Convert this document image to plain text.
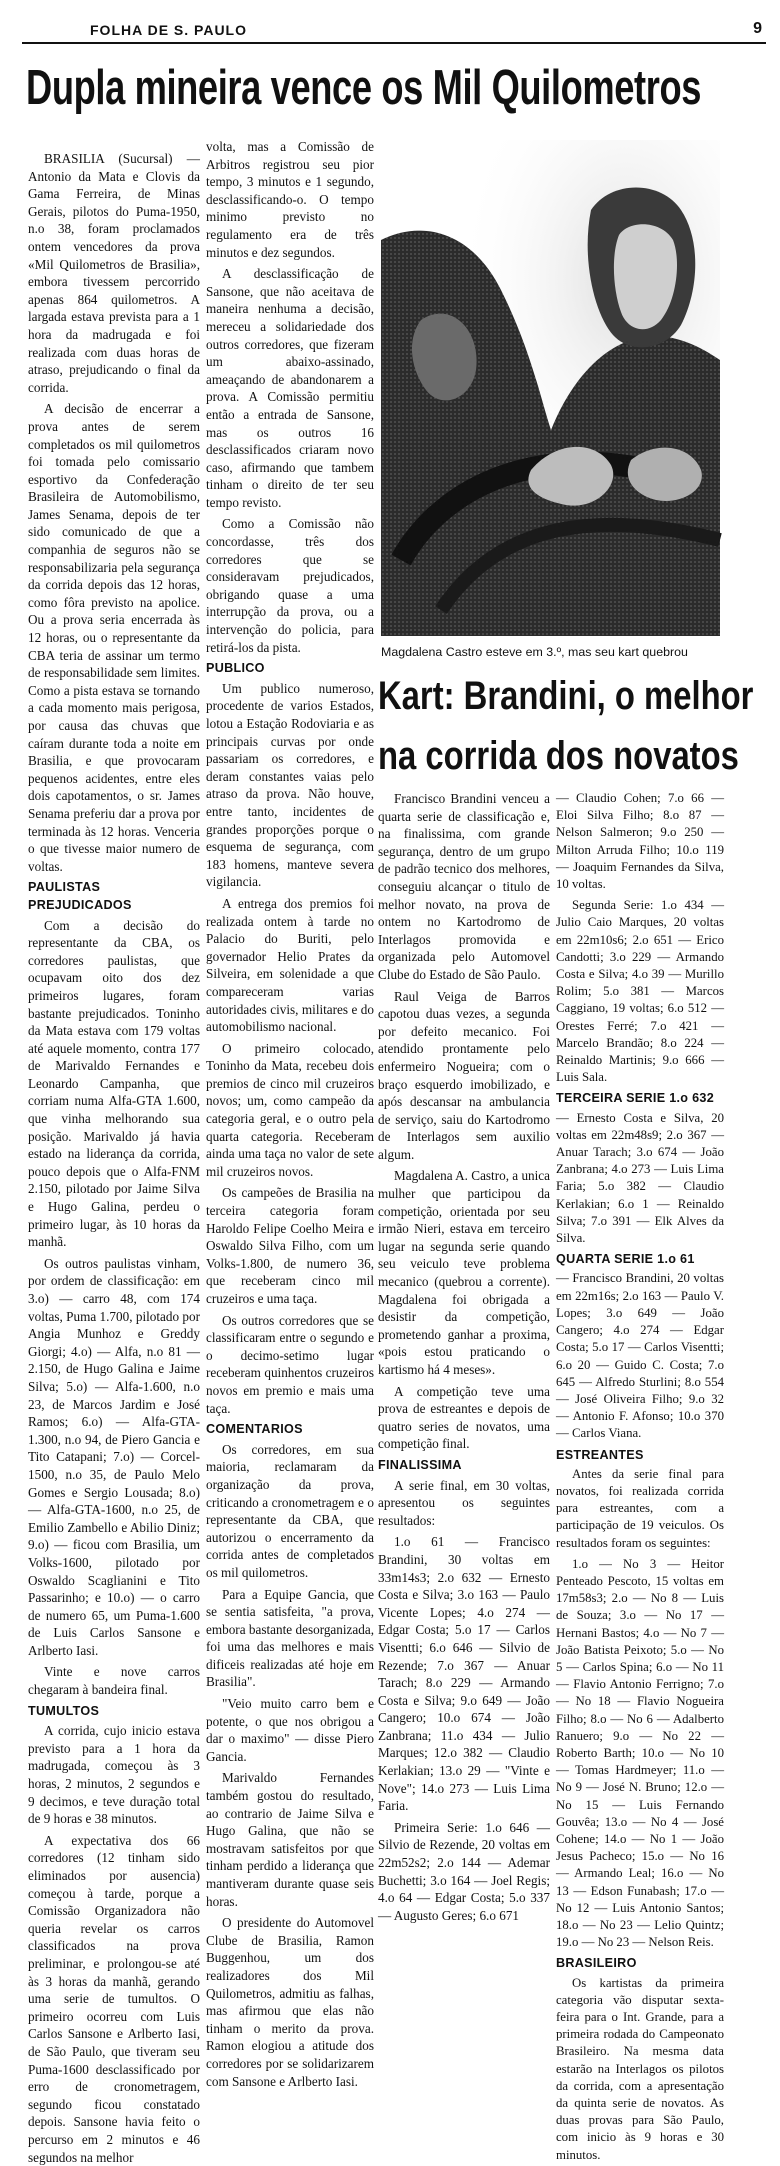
FOLHA DE S. PAULO	9
Dupla mineira vence os Mil Quilometros

BRASILIA (Sucursal) — Antonio da Mata e Clovis da Gama Ferreira, de Minas Gerais, pilotos do Puma-1950, n.o 38, foram proclamados ontem vencedores da prova «Mil Quilometros de Brasilia», embora tivessem percorrido apenas 864 quilometros. A largada estava prevista para a 1 hora da madrugada e foi realizada com duas horas de atraso, prejudicando o final da corrida.

A decisão de encerrar a prova antes de serem completados os mil quilometros foi tomada pelo comissario esportivo da Confederação Brasileira de Automobilismo, James Senama, depois de ter sido comunicado de que a companhia de seguros não se responsabilizaria pela segurança da corrida depois das 12 horas, como fôra previsto na apolice. Ou a prova seria encerrada às 12 horas, ou o representante da CBA teria de assinar um termo de responsabilidade sem limites. Como a pista estava se tornando a cada momento mais perigosa, por causa das chuvas que caíram durante toda a noite em Brasilia, e que provocaram pequenos acidentes, entre eles dois capotamentos, o sr. James Senama preferiu dar a prova por terminada às 12 horas. Venceria o que tivesse maior numero de voltas.

PAULISTAS PREJUDICADOS

Com a decisão do representante da CBA, os corredores paulistas, que ocupavam oito dos dez primeiros lugares, foram bastante prejudicados. Toninho da Mata estava com 179 voltas até aquele momento, contra 177 de Marivaldo Fernandes e Leonardo Campanha, que corriam numa Alfa-GTA 1.600, que vinha melhorando sua posição. Marivaldo já havia estado na liderança da corrida, pouco depois que o Alfa-FNM 2.150, pilotado por Jaime Silva e Hugo Galina, perdeu o primeiro lugar, às 10 horas da manhã.

Os outros paulistas vinham, por ordem de classificação: em 3.o) — carro 48, com 174 voltas, Puma 1.700, pilotado por Angia Munhoz e Greddy Giorgi; 4.o) — Alfa, n.o 81 — 2.150, de Hugo Galina e Jaime Silva; 5.o) — Alfa-1.600, n.o 23, de Marcos Jardim e José Ramos; 6.o) — Alfa-GTA-1.300, n.o 94, de Piero Gancia e Tito Catapani; 7.o) — Corcel-1500, n.o 35, de Paulo Melo Gomes e Sergio Lousada; 8.o) — Alfa-GTA-1600, n.o 25, de Emilio Zambello e Abilio Diniz; 9.o) — ficou com Brasilia, um Volks-1600, pilotado por Oswaldo Scaglianini e Tito Passarinho; e 10.o) — o carro de numero 65, um Puma-1.600 de Luis Carlos Sansone e Arlberto Iasi.

Vinte e nove carros chegaram à bandeira final.

TUMULTOS

A corrida, cujo inicio estava previsto para a 1 hora da madrugada, começou às 3 horas, 2 minutos, 2 segundos e 9 decimos, e teve duração total de 9 horas e 38 minutos.

A expectativa dos 66 corredores (12 tinham sido eliminados por ausencia) começou à tarde, porque a Comissão Organizadora não queria revelar os carros classificados na prova preliminar, e prolongou-se até às 3 horas da manhã, gerando uma serie de tumultos. O primeiro ocorreu com Luis Carlos Sansone e Arlberto Iasi, de São Paulo, que tiveram seu Puma-1600 desclassificado por erro de cronometragem, segundo ficou constatado depois. Sansone havia feito o percurso em 2 minutos e 46 segundos na melhor

volta, mas a Comissão de Arbitros registrou seu pior tempo, 3 minutos e 1 segundo, desclassificando-o. O tempo minimo previsto no regulamento era de três minutos e dez segundos.

A desclassificação de Sansone, que não aceitava de maneira nenhuma a decisão, mereceu a solidariedade dos outros corredores, que fizeram um abaixo-assinado, ameaçando de abandonarem a prova. A Comissão permitiu então a entrada de Sansone, mas os outros 16 desclassificados criaram novo caso, afirmando que tambem tinham o direito de ter seu tempo revisto.

Como a Comissão não concordasse, três dos corredores que se consideravam prejudicados, obrigando quase a uma interrupção da prova, ou a intervenção do policia, para retirá-los da pista.

PUBLICO

Um publico numeroso, procedente de varios Estados, lotou a Estação Rodoviaria e as principais curvas por onde passariam os corredores, e deram constantes vaias pelo atraso da prova. Não houve, entre tanto, incidentes de grandes proporções porque o esquema de segurança, com 183 homens, manteve severa vigilancia.

A entrega dos premios foi realizada ontem à tarde no Palacio do Buriti, pelo governador Helio Prates da Silveira, em solenidade a que compareceram varias autoridades civis, militares e do automobilismo nacional.

O primeiro colocado, Toninho da Mata, recebeu dois premios de cinco mil cruzeiros novos; um, como campeão da categoria geral, e o outro pela quarta categoria. Receberam ainda uma taça no valor de sete mil cruzeiros novos.

Os campeões de Brasilia na terceira categoria foram Haroldo Felipe Coelho Meira e Oswaldo Silva Filho, com um Volks-1.800, de numero 36, que receberam cinco mil cruzeiros e uma taça.

Os outros corredores que se classificaram entre o segundo e o decimo-setimo lugar receberam quinhentos cruzeiros novos em premio e mais uma taça.

COMENTARIOS

Os corredores, em sua maioria, reclamaram da organização da prova, criticando a cronometragem e o representante da CBA, que autorizou o encerramento da corrida antes de completados os mil quilometros.

Para a Equipe Gancia, que se sentia satisfeita, "a prova, embora bastante desorganizada, foi uma das melhores e mais dificeis realizadas até hoje em Brasilia".

"Veio muito carro bem e potente, o que nos obrigou a dar o maximo" — disse Piero Gancia.

Marivaldo Fernandes também gostou do resultado, ao contrario de Jaime Silva e Hugo Galina, que não se mostravam satisfeitos por que tinham perdido a liderança que mantiveram durante quase seis horas.

O presidente do Automovel Clube de Brasilia, Ramon Buggenhou, um dos realizadores dos Mil Quilometros, admitiu as falhas, mas afirmou que elas não tinham o merito da prova. Ramon elogiou a atitude dos corredores por se solidarizarem com Sansone e Arlberto Iasi.

Magdalena Castro esteve em 3.º, mas seu kart quebrou
Kart: Brandini, o melhor
na corrida dos novatos

Francisco Brandini venceu a quarta serie de classificação e, na finalissima, com grande segurança, dentro de um grupo de padrão tecnico dos melhores, conseguiu alcançar o titulo de melhor novato, na prova de ontem no Kartodromo de Interlagos promovida e organizada pelo Automovel Clube do Estado de São Paulo.

Raul Veiga de Barros capotou duas vezes, a segunda por defeito mecanico. Foi atendido prontamente pelo enfermeiro Nogueira; com o braço esquerdo imobilizado, e após descansar na ambulancia de serviço, saiu do Kartodromo de Interlagos sem auxilio algum.

Magdalena A. Castro, a unica mulher que participou da competição, orientada por seu irmão Nieri, estava em terceiro lugar na segunda serie quando seu veiculo teve problema mecanico (quebrou a corrente). Magdalena foi obrigada a desistir da competição, prometendo ganhar a proxima, «pois estou praticando o kartismo há 4 meses».

A competição teve uma prova de estreantes e depois de quatro series de novatos, uma competição final.

FINALISSIMA

A serie final, em 30 voltas, apresentou os seguintes resultados:

1.o 61 — Francisco Brandini, 30 voltas em 33m14s3; 2.o 632 — Ernesto Costa e Silva; 3.o 163 — Paulo Vicente Lopes; 4.o 274 — Edgar Costa; 5.o 17 — Carlos Visentti; 6.o 646 — Silvio de Rezende; 7.o 367 — Anuar Tarach; 8.o 229 — Armando Costa e Silva; 9.o 649 — João Cangero; 10.o 674 — João Zanbrana; 11.o 434 — Julio Marques; 12.o 382 — Claudio Kerlakian; 13.o 29 — "Vinte e Nove"; 14.o 273 — Luis Lima Faria.

Primeira Serie: 1.o 646 — Silvio de Rezende, 20 voltas em 22m52s2; 2.o 144 — Ademar Buchetti; 3.o 164 — Joel Regis; 4.o 64 — Edgar Costa; 5.o 337 — Augusto Geres; 6.o 671

— Claudio Cohen; 7.o 66 — Eloi Silva Filho; 8.o 87 — Nelson Salmeron; 9.o 250 — Milton Arruda Filho; 10.o 119 — Joaquim Fernandes da Silva, 10 voltas.

Segunda Serie: 1.o 434 — Julio Caio Marques, 20 voltas em 22m10s6; 2.o 651 — Erico Candotti; 3.o 229 — Armando Costa e Silva; 4.o 39 — Murillo Rolim; 5.o 381 — Marcos Caggiano, 19 voltas; 6.o 512 — Orestes Ferré; 7.o 421 — Marcelo Brandão; 8.o 224 — Reinaldo Martinis; 9.o 666 — Luis Sala.

TERCEIRA SERIE 1.o 632

— Ernesto Costa e Silva, 20 voltas em 22m48s9; 2.o 367 — Anuar Tarach; 3.o 674 — João Zanbrana; 4.o 273 — Luis Lima Faria; 5.o 382 — Claudio Kerlakian; 6.o 1 — Reinaldo Silva; 7.o 391 — Elk Alves da Silva.

QUARTA SERIE 1.o 61

— Francisco Brandini, 20 voltas em 22m16s; 2.o 163 — Paulo V. Lopes; 3.o 649 — João Cangero; 4.o 274 — Edgar Costa; 5.o 17 — Carlos Visentti; 6.o 20 — Guido C. Costa; 7.o 645 — Alfredo Sturlini; 8.o 554 — José Oliveira Filho; 9.o 32 — Antonio F. Afonso; 10.o 370 — Carlos Viana.

ESTREANTES

Antes da serie final para novatos, foi realizada corrida para estreantes, com a participação de 19 veiculos. Os resultados foram os seguintes:

1.o — No 3 — Heitor Penteado Pescoto, 15 voltas em 17m58s3; 2.o — No 8 — Luis de Souza; 3.o — No 17 — Hernani Bastos; 4.o — No 7 — João Batista Peixoto; 5.o — No 5 — Carlos Spina; 6.o — No 11 — Flavio Antonio Ferrigno; 7.o — No 18 — Flavio Nogueira Filho; 8.o — No 6 — Adalberto Ranuero; 9.o — No 22 — Roberto Barth; 10.o — No 10 — Tomas Hardmeyer; 11.o — No 9 — José N. Bruno; 12.o — No 15 — Luis Fernando Gouvêa; 13.o — No 4 — José Cohene; 14.o — No 1 — João Jesus Pacheco; 15.o — No 16 — Armando Leal; 16.o — No 13 — Edson Funabash; 17.o — No 12 — Luis Antonio Santos; 18.o — No 23 — Lelio Quintz; 19.o — No 23 — Nelson Reis.

BRASILEIRO

Os kartistas da primeira categoria vão disputar sexta-feira para o Int. Grande, para a primeira rodada do Campeonato Brasileiro. Na mesma data estarão na Interlagos os pilotos da corrida, com a apresentação da quinta serie de novatos. As duas provas para São Paulo, com inicio às 9 horas e 30 minutos.
